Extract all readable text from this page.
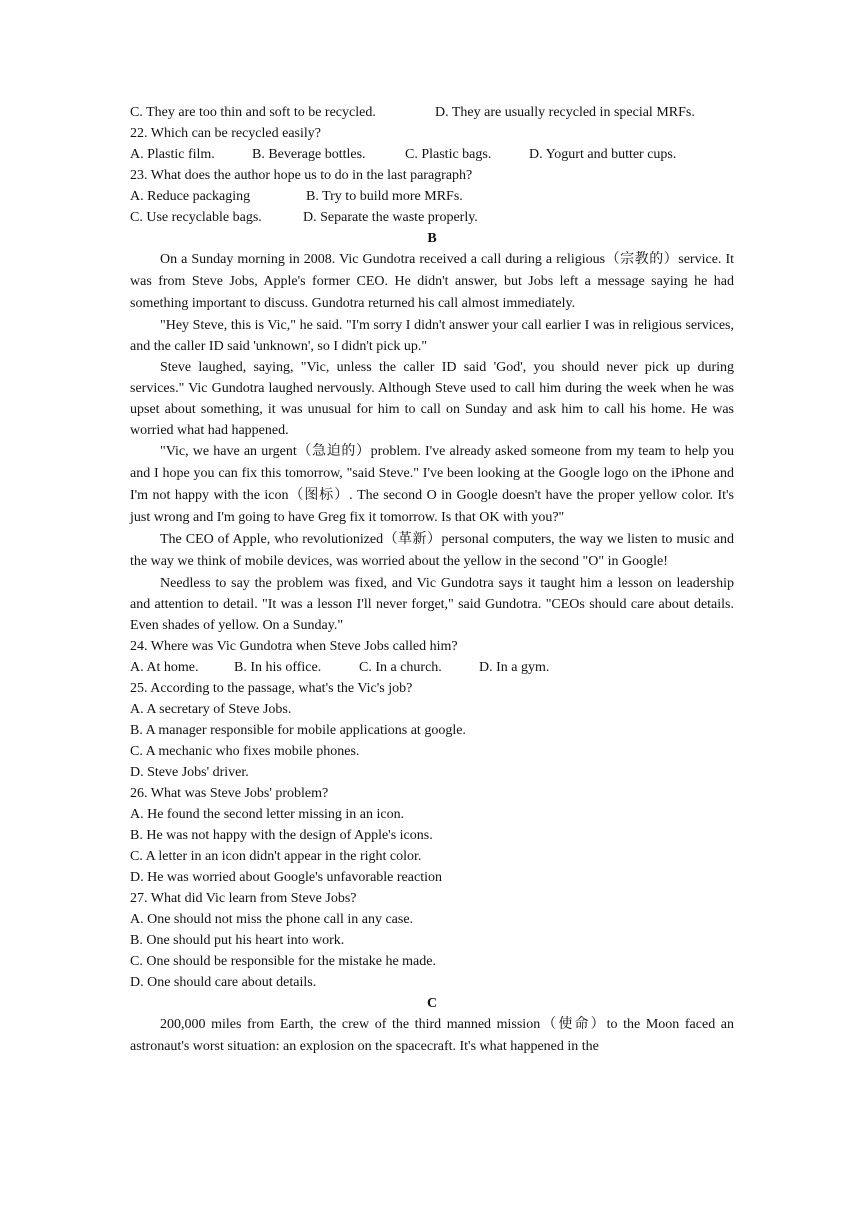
C. They are too thin and soft to be recycled.	D. They are usually recycled in special MRFs.
22. Which can be recycled easily?
A. Plastic film.	B. Beverage bottles.	C. Plastic bags.	D. Yogurt and butter cups.
23. What does the author hope us to do in the last paragraph?
A. Reduce packaging	B. Try to build more MRFs.
C. Use recyclable bags.	D. Separate the waste properly.
B
On a Sunday morning in 2008. Vic Gundotra received a call during a religious（宗教的）service. It was from Steve Jobs, Apple's former CEO. He didn't answer, but Jobs left a message saying he had something important to discuss. Gundotra returned his call almost immediately.
"Hey Steve, this is Vic," he said. "I'm sorry I didn't answer your call earlier I was in religious services, and the caller ID said 'unknown', so I didn't pick up."
Steve laughed, saying, "Vic, unless the caller ID said 'God', you should never pick up during services." Vic Gundotra laughed nervously. Although Steve used to call him during the week when he was upset about something, it was unusual for him to call on Sunday and ask him to call his home. He was worried what had happened.
"Vic, we have an urgent（急迫的）problem. I've already asked someone from my team to help you and I hope you can fix this tomorrow, "said Steve." I've been looking at the Google logo on the iPhone and I'm not happy with the icon（图标）. The second O in Google doesn't have the proper yellow color. It's just wrong and I'm going to have Greg fix it tomorrow. Is that OK with you?"
The CEO of Apple, who revolutionized（革新）personal computers, the way we listen to music and the way we think of mobile devices, was worried about the yellow in the second "O" in Google!
Needless to say the problem was fixed, and Vic Gundotra says it taught him a lesson on leadership and attention to detail. "It was a lesson I'll never forget," said Gundotra. "CEOs should care about details. Even shades of yellow. On a Sunday."
24. Where was Vic Gundotra when Steve Jobs called him?
A. At home.	B. In his office.	C. In a church.	D. In a gym.
25. According to the passage, what's the Vic's job?
A. A secretary of Steve Jobs.
B. A manager responsible for mobile applications at google.
C. A mechanic who fixes mobile phones.
D. Steve Jobs' driver.
26. What was Steve Jobs' problem?
A. He found the second letter missing in an icon.
B. He was not happy with the design of Apple's icons.
C. A letter in an icon didn't appear in the right color.
D. He was worried about Google's unfavorable reaction
27. What did Vic learn from Steve Jobs?
A. One should not miss the phone call in any case.
B. One should put his heart into work.
C. One should be responsible for the mistake he made.
D. One should care about details.
C
200,000 miles from Earth, the crew of the third manned mission（使命）to the Moon faced an astronaut's worst situation: an explosion on the spacecraft. It's what happened in the
